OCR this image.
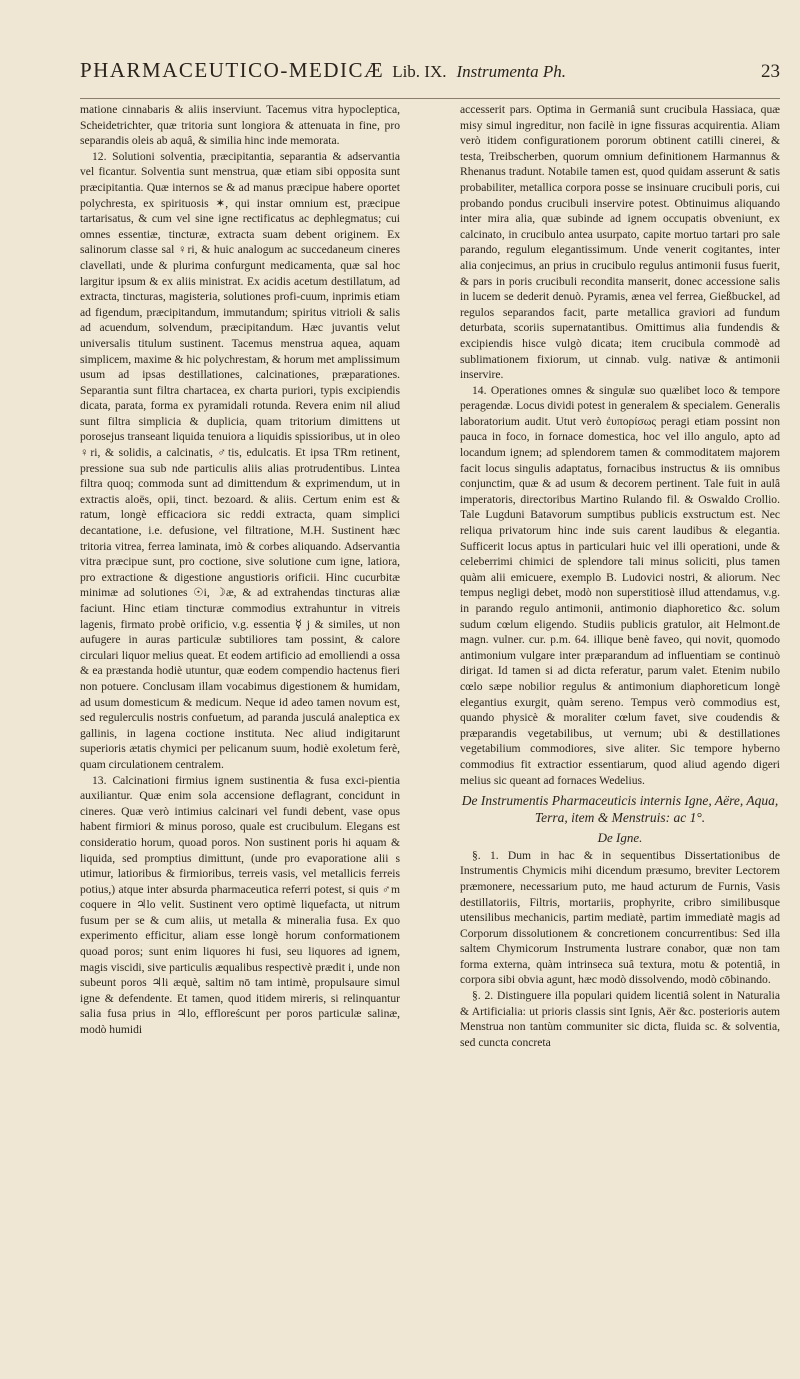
PHARMACEUTICO-MEDICÆ Lib. IX. Instrumenta Ph.	23

matione cinnabaris & aliis inserviunt. Tacemus vitra hypocleptica, Scheidetrichter, quæ tritoria sunt longiora & attenuata in fine, pro separandis oleis ab aquâ, & similia hinc inde memorata.

12. Solutioni solventia, præcipitantia, separantia & adservantia vel ficantur. Solventia sunt menstrua, quæ etiam sibi opposita sunt præcipitantia. Quæ internos se & ad manus præcipue habere oportet polychresta, ex spirituosis ✶, qui instar omnium est, præcipue tartarisatus, & cum vel sine igne rectificatus ac dephlegmatus; cui omnes essentiæ, tincturæ, extracta suam debent originem. Ex salinorum classe sal ♀ri, & huic analogum ac succedaneum cineres clavellati, unde & plurima confurgunt medicamenta, quæ sal hoc largitur ipsum & ex aliis ministrat. Ex acidis acetum destillatum, ad extracta, tincturas, magisteria, solutiones profi-cuum, inprimis etiam ad figendum, præcipitandum, immutandum; spiritus vitrioli & salis ad acuendum, solvendum, præcipitandum. Hæc juvantis velut universalis titulum sustinent. Tacemus menstrua aquea, aquam simplicem, maxime & hic polychrestam, & horum met amplissimum usum ad ipsas destillationes, calcinationes, præparationes. Separantia sunt filtra chartacea, ex charta puriori, typis excipiendis dicata, parata, forma ex pyramidali rotunda. Revera enim nil aliud sunt filtra simplicia & duplicia, quam tritorium dimittens ut porosejus transeant liquida tenuiora a liquidis spissioribus, ut in oleo ♀ri, & solidis, a calcinatis, ♂tis, edulcatis. Et ipsa TRm retinent, pressione sua sub nde particulis aliis alias protrudentibus. Lintea filtra quoq; commoda sunt ad dimittendum & exprimendum, ut in extractis aloës, opii, tinct. bezoard. & aliis. Certum enim est & ratum, longè efficaciora sic reddi extracta, quam simplici decantatione, i.e. defusione, vel filtratione, M.H. Sustinent hæc tritoria vitrea, ferrea laminata, imò & corbes aliquando. Adservantia vitra præcipue sunt, pro coctione, sive solutione cum igne, latiora, pro extractione & digestione angustioris orificii. Hinc cucurbitæ minimæ ad solutiones ☉i, ☽æ, & ad extrahendas tincturas aliæ faciunt. Hinc etiam tincturæ commodius extrahuntur in vitreis lagenis, firmato probè orificio, v.g. essentia ☿ j & similes, ut non aufugere in auras particulæ subtiliores tam possint, & calore circulari liquor melius queat. Et eodem artificio ad emolliendi a ossa & ea præstanda hodiè utuntur, quæ eodem compendio hactenus fieri non potuere. Conclusam illam vocabimus digestionem & humidam, ad usum domesticum & medicum. Neque id adeo tamen novum est, sed regulerculis nostris confuetum, ad paranda jusculá analeptica ex gallinis, in lagena coctione instituta. Nec aliud indigitarunt superioris ætatis chymici per pelicanum suum, hodiè exoletum ferè, quam circulationem centralem.

13. Calcinationi firmius ignem sustinentia & fusa exci-pientia auxiliantur. Quæ enim sola accensione deflagrant, concidunt in cineres. Quæ verò intimius calcinari vel fundi debent, vase opus habent firmiori & minus poroso, quale est crucibulum. Elegans est consideratio horum, quoad poros. Non sustinent poris hi aquam & liquida, sed promptius dimittunt, (unde pro evaporatione alii s utimur, latioribus & firmioribus, terreis vasis, vel metallicis ferreis potius,) atque inter absurda pharmaceutica referri potest, si quis ♂m coquere in ♃lo velit. Sustinent vero optimè liquefacta, ut nitrum fusum per se & cum aliis, ut metalla & mineralia fusa. Ex quo experimento efficitur, aliam esse longè horum conformationem quoad poros; sunt enim liquores hi fusi, seu liquores ad ignem, magis viscidi, sive particulis æqualibus respectivè prædit i, unde non subeunt poros ♃li æquè, saltim nō tam intimè, propulsaure simul igne & defendente. Et tamen, quod itidem mireris, si relinquantur salia fusa prius in ♃lo, effloreścunt per poros particulæ salinæ, modò humidi

accesserit pars. Optima in Germaniâ sunt crucibula Hassiaca, quæ misy simul ingreditur, non facilè in igne fissuras acquirentia. Aliam verò itidem configurationem pororum obtinent catilli cinerei, & testa, Treibscherben, quorum omnium definitionem Harmannus & Rhenanus tradunt. Notabile tamen est, quod quidam asserunt & satis probabiliter, metallica corpora posse se insinuare crucibuli poris, cui probando pondus crucibuli inservire potest. Obtinuimus aliquando inter mira alia, quæ subinde ad ignem occupatis obveniunt, ex calcinato, in crucibulo antea usurpato, capite mortuo tartari pro sale parando, regulum elegantissimum. Unde venerit cogitantes, inter alia conjecimus, an prius in crucibulo regulus antimonii fusus fuerit, & pars in poris crucibuli recondita manserit, donec accessione salis in lucem se dederit denuò. Pyramis, ænea vel ferrea, Gießbuckel, ad regulos separandos facit, parte metallica graviori ad fundum deturbata, scoriis supernatantibus. Omittimus alia fundendis & excipiendis hisce vulgò dicata; item crucibula commodè ad sublimationem fixiorum, ut cinnab. vulg. nativæ & antimonii inservire.

14. Operationes omnes & singulæ suo quælibet loco & tempore peragendæ. Locus dividi potest in generalem & specialem. Generalis laboratorium audit. Utut verò ἐυπορίσως peragi etiam possint non pauca in foco, in fornace domestica, hoc vel illo angulo, apto ad locandum ignem; ad splendorem tamen & commoditatem majorem facit locus singulis adaptatus, fornacibus instructus & iis omnibus conjunctim, quæ & ad usum & decorem pertinent. Tale fuit in aulâ imperatoris, directoribus Martino Rulando fil. & Oswaldo Crollio. Tale Lugduni Batavorum sumptibus publicis exstructum est. Nec reliqua privatorum hinc inde suis carent laudibus & elegantia. Sufficerit locus aptus in particulari huic vel illi operationi, unde & celeberrimi chimici de splendore tali minus soliciti, plus tamen quàm alii emicuere, exemplo B. Ludovici nostri, & aliorum. Nec tempus negligi debet, modò non superstitiosè illud attendamus, v.g. in parando regulo antimonii, antimonio diaphoretico &c. solum sudum cœlum eligendo. Studiis publicis gratulor, ait Helmont.de magn. vulner. cur. p.m. 64. illique benè faveo, qui novit, quomodo antimonium vulgare inter præparandum ad influentiam se continuò dirigat. Id tamen si ad dicta referatur, parum valet. Etenim nubilo cœlo sæpe nobilior regulus & antimonium diaphoreticum longè elegantius exurgit, quàm sereno. Tempus verò commodius est, quando physicè & moraliter cœlum favet, sive coudendis & præparandis vegetabilibus, ut vernum; ubi & destillationes vegetabilium commodiores, sive aliter. Sic tempore hyberno commodius fit extractior essentiarum, quod aliud agendo digeri melius sic queant ad fornaces Wedelius.

De Instrumentis Pharmaceuticis internis Igne, Aëre, Aqua, Terra, item & Menstruis: ac 1°.

De Igne.

§. 1. Dum in hac & in sequentibus Dissertationibus de Instrumentis Chymicis mihi dicendum præsumo, breviter Lectorem præmonere, necessarium puto, me haud acturum de Furnis, Vasis destillatoriis, Filtris, mortariis, prophyrite, cribro similibusque utensilibus mechanicis, partim mediatè, partim immediatè magis ad Corporum dissolutionem & concretionem concurrentibus: Sed illa saltem Chymicorum Instrumenta lustrare conabor, quæ non tam forma externa, quàm intrinseca suâ textura, motu & potentiâ, in corpora sibi obvia agunt, hæc modò dissolvendo, modò cōbinando.

§. 2. Distinguere illa populari quidem licentiâ solent in Naturalia & Artificialia: ut prioris classis sint Ignis, Aër &c. posterioris autem Menstrua non tantùm communiter sic dicta, fluida sc. & solventia, sed cuncta concreta
